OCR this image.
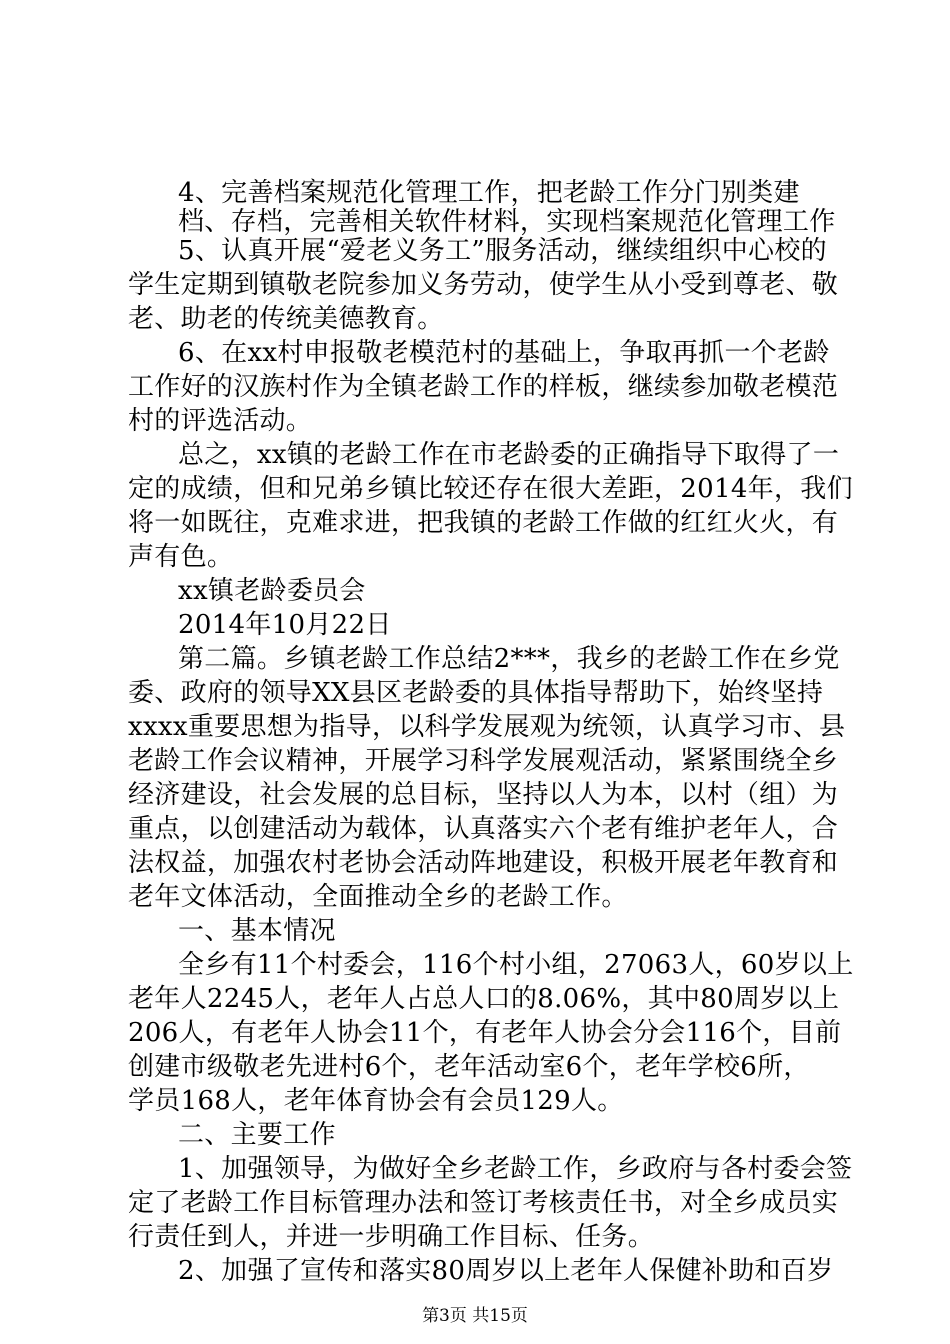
4、完善档案规范化管理工作，把老龄工作分门别类建
档、存档，完善相关软件材料，实现档案规范化管理工作
5、认真开展“爱老义务工”服务活动，继续组织中心校的
学生定期到镇敬老院参加义务劳动，使学生从小受到尊老、敬
老、助老的传统美德教育。
6、在xx村申报敬老模范村的基础上，争取再抓一个老龄
工作好的汉族村作为全镇老龄工作的样板，继续参加敬老模范
村的评选活动。
总之，xx镇的老龄工作在市老龄委的正确指导下取得了一
定的成绩，但和兄弟乡镇比较还存在很大差距，2014年，我们
将一如既往，克难求进，把我镇的老龄工作做的红红火火，有
声有色。
xx镇老龄委员会
2014年10月22日
第二篇。乡镇老龄工作总结2***，我乡的老龄工作在乡党
委、政府的领导XX县区老龄委的具体指导帮助下，始终坚持
xxxx重要思想为指导，以科学发展观为统领，认真学习市、县
老龄工作会议精神，开展学习科学发展观活动，紧紧围绕全乡
经济建设，社会发展的总目标，坚持以人为本，以村（组）为
重点，以创建活动为载体，认真落实六个老有维护老年人，合
法权益，加强农村老协会活动阵地建设，积极开展老年教育和
老年文体活动，全面推动全乡的老龄工作。
一、基本情况
全乡有11个村委会，116个村小组，27063人，60岁以上
老年人2245人，老年人占总人口的8.06%，其中80周岁以上
206人，有老年人协会11个，有老年人协会分会116个，目前
创建市级敬老先进村6个，老年活动室6个，老年学校6所，
学员168人，老年体育协会有会员129人。
二、主要工作
1、加强领导，为做好全乡老龄工作，乡政府与各村委会签
定了老龄工作目标管理办法和签订考核责任书，对全乡成员实
行责任到人，并进一步明确工作目标、任务。
2、加强了宣传和落实80周岁以上老年人保健补助和百岁
第3页 共15页
